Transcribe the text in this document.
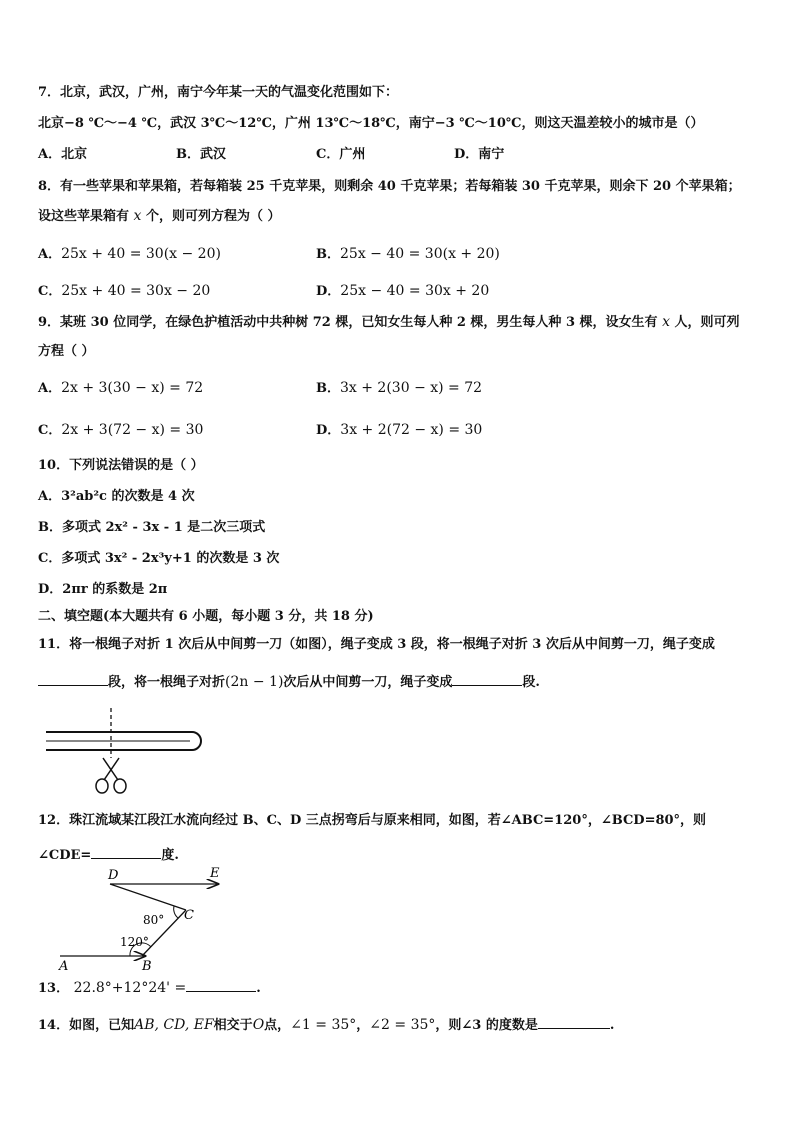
7．北京，武汉，广州，南宁今年某一天的气温变化范围如下：
北京−8 ℃～−4 ℃，武汉 3℃～12℃，广州 13℃～18℃，南宁−3 ℃～10℃，则这天温差较小的城市是（）
A．北京	B．武汉	C．广州	D．南宁
8．有一些苹果和苹果箱，若每箱装 25 千克苹果，则剩余 40 千克苹果；若每箱装 30 千克苹果，则余下 20 个苹果箱；
设这些苹果箱有 x 个，则可列方程为（ ）
A．25x + 40 = 30(x − 20)	B．25x − 40 = 30(x + 20)
C．25x + 40 = 30x − 20	D．25x − 40 = 30x + 20
9．某班 30 位同学，在绿色护植活动中共种树 72 棵，已知女生每人种 2 棵，男生每人种 3 棵，设女生有 x 人，则可列
方程（ ）
A．2x + 3(30 − x) = 72	B．3x + 2(30 − x) = 72
C．2x + 3(72 − x) = 30	D．3x + 2(72 − x) = 30
10．下列说法错误的是（ ）
A．3²ab²c 的次数是 4 次
B．多项式 2x² - 3x - 1 是二次三项式
C．多项式 3x² - 2x³y+1 的次数是 3 次
D．2πr 的系数是 2π
二、填空题(本大题共有 6 小题，每小题 3 分，共 18 分)
11．将一根绳子对折 1 次后从中间剪一刀（如图），绳子变成 3 段，将一根绳子对折 3 次后从中间剪一刀，绳子变成
段，将一根绳子对折(2n − 1)次后从中间剪一刀，绳子变成	段.
12．珠江流域某江段江水流向经过 B、C、D 三点拐弯后与原来相同，如图，若∠ABC=120°，∠BCD=80°，则
∠CDE=	度.
D	E
C
80°
120°
A	B
13． 22.8°+12°24' =	.
14．如图，已知AB, CD, EF相交于O点，∠1 = 35°，∠2 = 35°，则∠3 的度数是	.
